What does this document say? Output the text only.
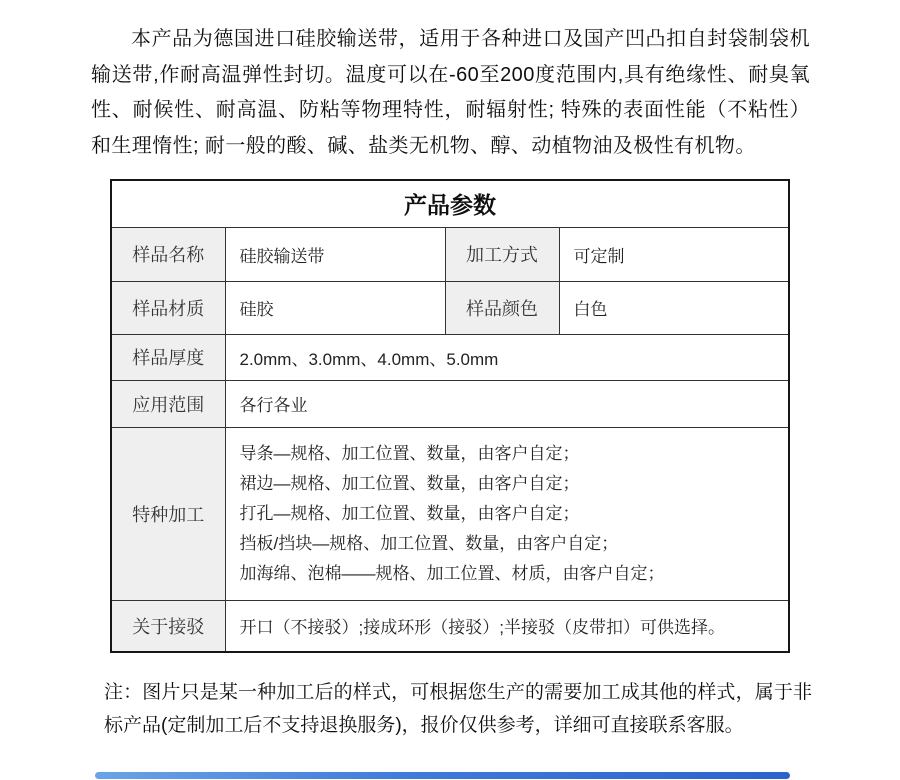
本产品为德国进口硅胶输送带，适用于各种进口及国产凹凸扣自封袋制袋机输送带,作耐高温弹性封切。温度可以在-60至200度范围内,具有绝缘性、耐臭氧性、耐候性、耐高温、防粘等物理特性，耐辐射性; 特殊的表面性能（不粘性）和生理惰性; 耐一般的酸、碱、盐类无机物、醇、动植物油及极性有机物。

产品参数			
样品名称	硅胶输送带	加工方式	可定制
样品材质	硅胶	样品颜色	白色
样品厚度	2.0mm、3.0mm、4.0mm、5.0mm		
应用范围	各行各业		
特种加工	导条—规格、加工位置、数量，由客户自定；
裙边—规格、加工位置、数量，由客户自定；
打孔—规格、加工位置、数量，由客户自定；
挡板/挡块—规格、加工位置、数量，由客户自定；
加海绵、泡棉——规格、加工位置、材质，由客户自定；		

关于接驳	开口（不接驳）;接成环形（接驳）;半接驳（皮带扣）可供选择。		

注：图片只是某一种加工后的样式，可根据您生产的需要加工成其他的样式，属于非标产品(定制加工后不支持退换服务)，报价仅供参考，详细可直接联系客服。
